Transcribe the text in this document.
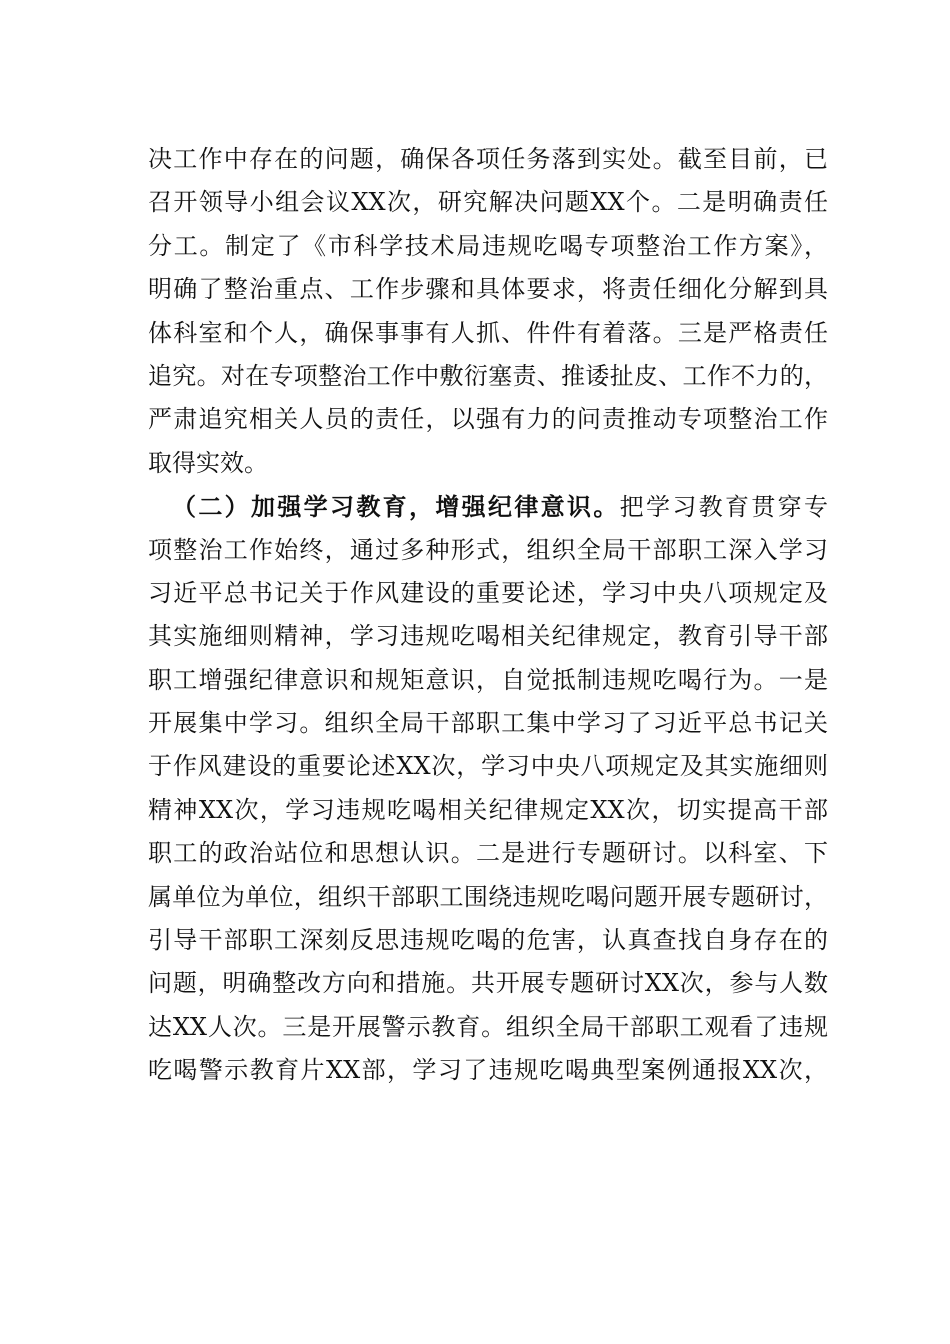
决工作中存在的问题，确保各项任务落到实处。截至目前，已
召开领导小组会议XX次，研究解决问题XX个。二是明确责任
分工。制定了《市科学技术局违规吃喝专项整治工作方案》，
明确了整治重点、工作步骤和具体要求，将责任细化分解到具
体科室和个人，确保事事有人抓、件件有着落。三是严格责任
追究。对在专项整治工作中敷衍塞责、推诿扯皮、工作不力的，
严肃追究相关人员的责任，以强有力的问责推动专项整治工作
取得实效。
（二）加强学习教育，增强纪律意识。把学习教育贯穿专
项整治工作始终，通过多种形式，组织全局干部职工深入学习
习近平总书记关于作风建设的重要论述，学习中央八项规定及
其实施细则精神，学习违规吃喝相关纪律规定，教育引导干部
职工增强纪律意识和规矩意识，自觉抵制违规吃喝行为。一是
开展集中学习。组织全局干部职工集中学习了习近平总书记关
于作风建设的重要论述XX次，学习中央八项规定及其实施细则
精神XX次，学习违规吃喝相关纪律规定XX次，切实提高干部
职工的政治站位和思想认识。二是进行专题研讨。以科室、下
属单位为单位，组织干部职工围绕违规吃喝问题开展专题研讨，
引导干部职工深刻反思违规吃喝的危害，认真查找自身存在的
问题，明确整改方向和措施。共开展专题研讨XX次，参与人数
达XX人次。三是开展警示教育。组织全局干部职工观看了违规
吃喝警示教育片XX部，学习了违规吃喝典型案例通报XX次，
